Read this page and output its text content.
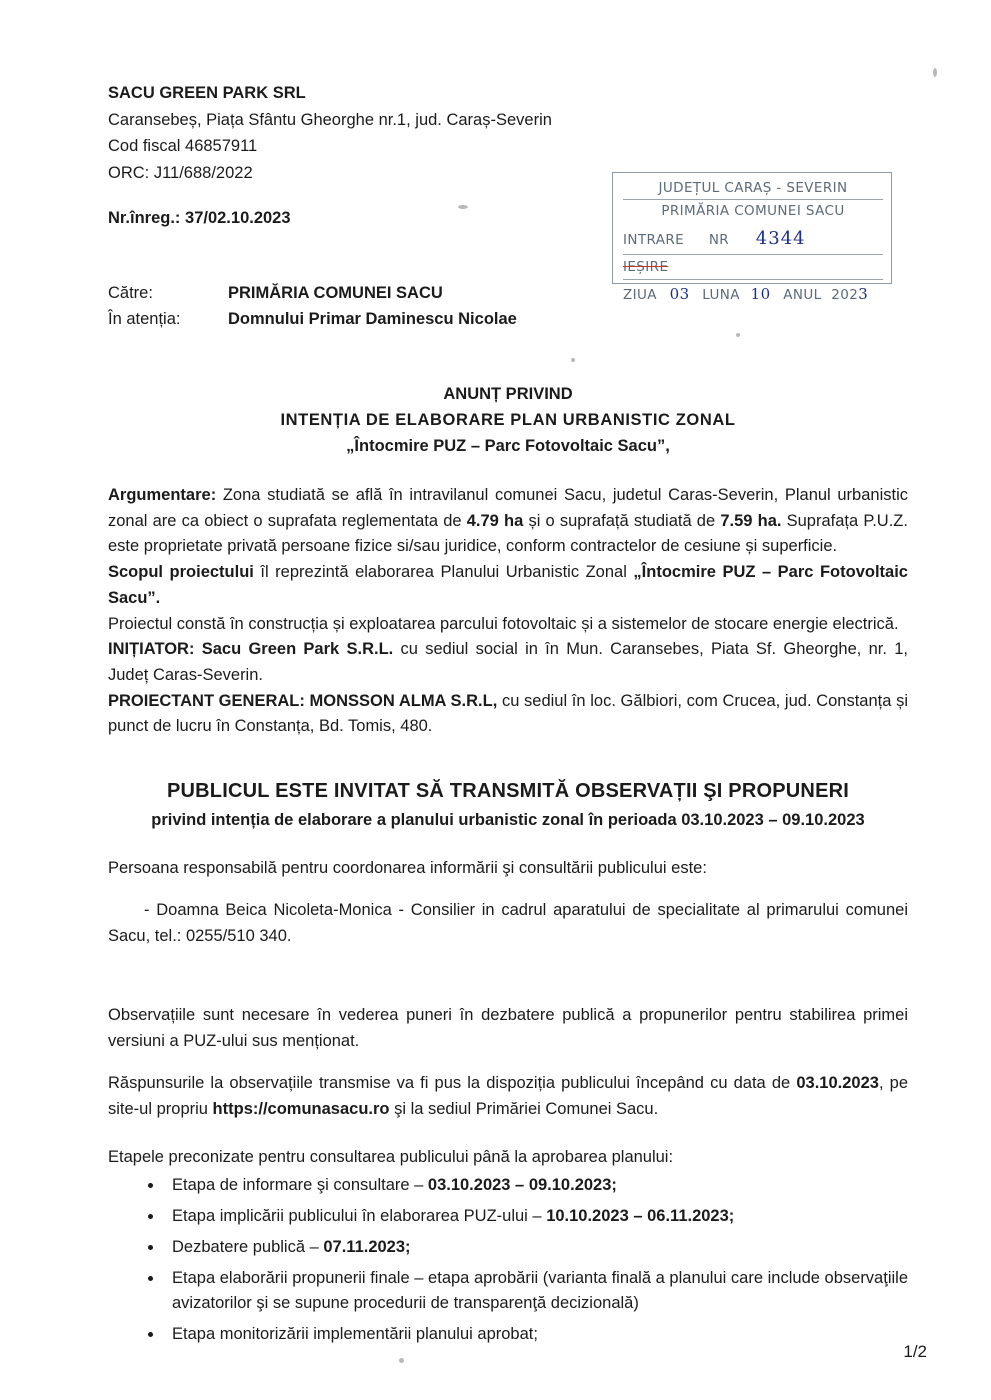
JUDEȚUL CARAȘ - SEVERIN
PRIMĂRIA COMUNEI SACU
INTRARE NR 4344
IEȘIRE
ZIUA 03 LUNA 10 ANUL 2023
SACU GREEN PARK SRL
Caransebeș, Piața Sfântu Gheorghe nr.1, jud. Caraș-Severin
Cod fiscal 46857911
ORC: J11/688/2022
Nr.înreg.: 37/02.10.2023
Către:	PRIMĂRIA COMUNEI SACU
În atenția:	Domnului Primar Daminescu Nicolae
ANUNȚ PRIVIND
INTENȚIA DE ELABORARE PLAN URBANISTIC ZONAL
„Întocmire PUZ – Parc Fotovoltaic Sacu”,

Argumentare: Zona studiată se află în intravilanul comunei Sacu, judetul Caras-Severin, Planul urbanistic zonal are ca obiect o suprafata reglementata de 4.79 ha și o suprafață studiată de 7.59 ha. Suprafața P.U.Z. este proprietate privată persoane fizice si/sau juridice, conform contractelor de cesiune și superficie.

Scopul proiectului îl reprezintă elaborarea Planului Urbanistic Zonal „Întocmire PUZ – Parc Fotovoltaic Sacu”.

Proiectul constă în construcția și exploatarea parcului fotovoltaic și a sistemelor de stocare energie electrică.

INIȚIATOR: Sacu Green Park S.R.L. cu sediul social in în Mun. Caransebes, Piata Sf. Gheorghe, nr. 1, Județ Caras-Severin.

PROIECTANT GENERAL: MONSSON ALMA S.R.L, cu sediul în loc. Gălbiori, com Crucea, jud. Constanța și punct de lucru în Constanța, Bd. Tomis, 480.

PUBLICUL ESTE INVITAT SĂ TRANSMITĂ OBSERVAȚII ŞI PROPUNERI
privind intenția de elaborare a planului urbanistic zonal în perioada 03.10.2023 – 09.10.2023

Persoana responsabilă pentru coordonarea informării şi consultării publicului este:

- Doamna Beica Nicoleta-Monica - Consilier in cadrul aparatului de specialitate al primarului comunei Sacu, tel.: 0255/510 340.

Observațiile sunt necesare în vederea puneri în dezbatere publică a propunerilor pentru stabilirea primei versiuni a PUZ-ului sus menționat.

Răspunsurile la observațiile transmise va fi pus la dispoziția publicului începând cu data de 03.10.2023, pe site-ul propriu https://comunasacu.ro şi la sediul Primăriei Comunei Sacu.

Etapele preconizate pentru consultarea publicului până la aprobarea planului:
• Etapa de informare şi consultare – 03.10.2023 – 09.10.2023;
• Etapa implicării publicului în elaborarea PUZ-ului – 10.10.2023 – 06.11.2023;
• Dezbatere publică – 07.11.2023;
• Etapa elaborării propunerii finale – etapa aprobării (varianta finală a planului care include observaţiile avizatorilor şi se supune procedurii de transparenţă decizională)
• Etapa monitorizării implementării planului aprobat;
1/2
